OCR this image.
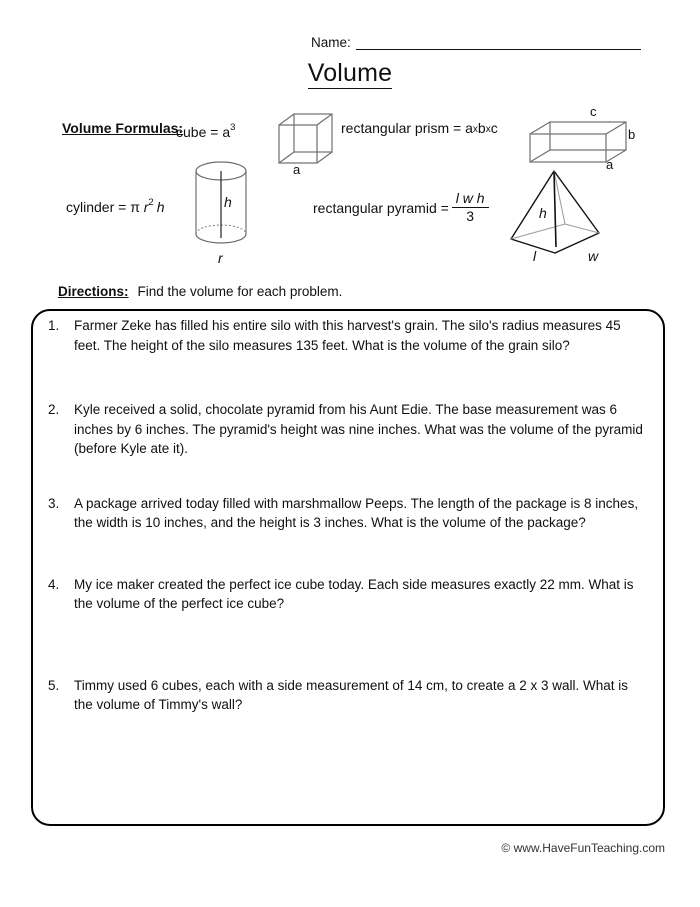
Name:
Volume
Volume Formulas:
cube = $a^3$	rectangular prism = axbxc
cylinder = π $r^2$ h	rectangular pyramid = $\frac{\text{l w h}}{3}$
a
c
b
a
h
r
h
l	w
Directions: Find the volume for each problem.
1.	Farmer Zeke has filled his entire silo with this harvest's grain. The silo's radius measures 45 feet. The height of the silo measures 135 feet. What is the volume of the grain silo?
2.	Kyle received a solid, chocolate pyramid from his Aunt Edie. The base measurement was 6 inches by 6 inches. The pyramid's height was nine inches. What was the volume of the pyramid (before Kyle ate it).
3.	A package arrived today filled with marshmallow Peeps. The length of the package is 8 inches, the width is 10 inches, and the height is 3 inches. What is the volume of the package?
4.	My ice maker created the perfect ice cube today. Each side measures exactly 22 mm. What is the volume of the perfect ice cube?
5.	Timmy used 6 cubes, each with a side measurement of 14 cm, to create a 2 x 3 wall. What is the volume of Timmy's wall?
© www.HaveFunTeaching.com
